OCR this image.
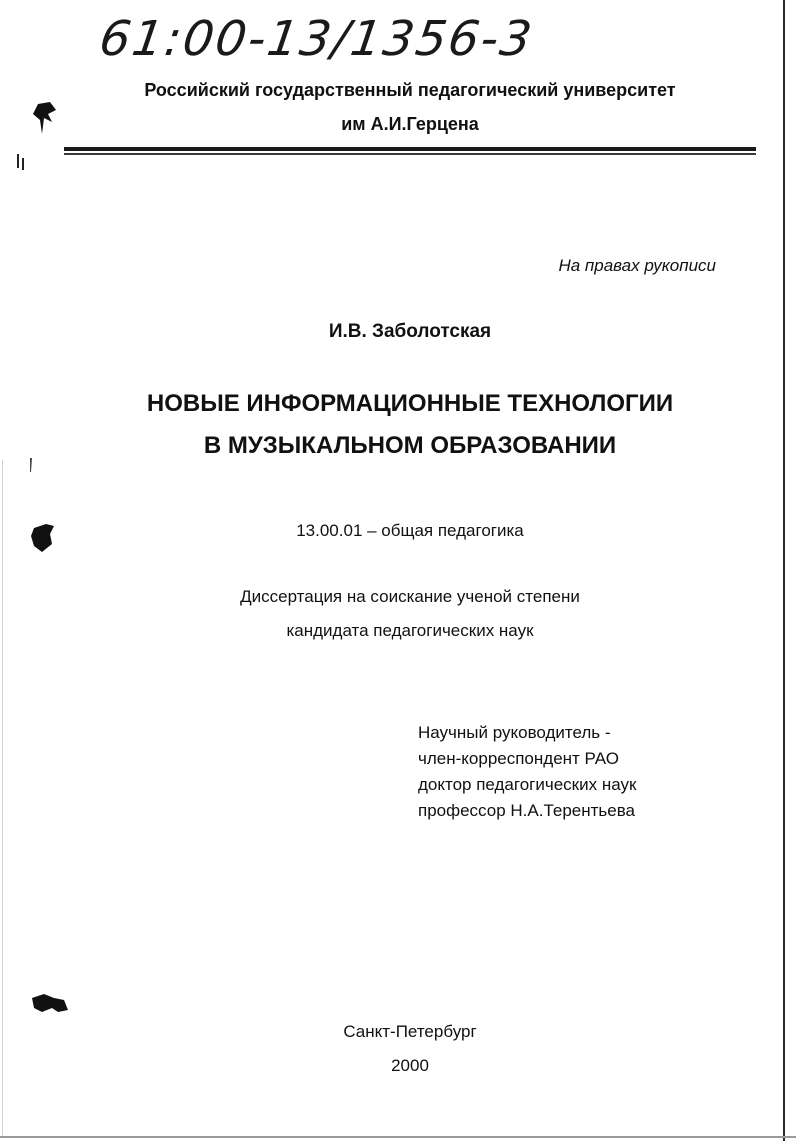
61:00-13/1356-3
Российский государственный педагогический университет
им А.И.Герцена
На правах рукописи
И.В. Заболотская
НОВЫЕ ИНФОРМАЦИОННЫЕ ТЕХНОЛОГИИ
В МУЗЫКАЛЬНОМ ОБРАЗОВАНИИ
13.00.01 – общая педагогика
Диссертация на соискание ученой степени
кандидата педагогических наук
Научный руководитель -
член-корреспондент РАО
доктор педагогических наук
профессор Н.А.Терентьева
Санкт-Петербург
2000
